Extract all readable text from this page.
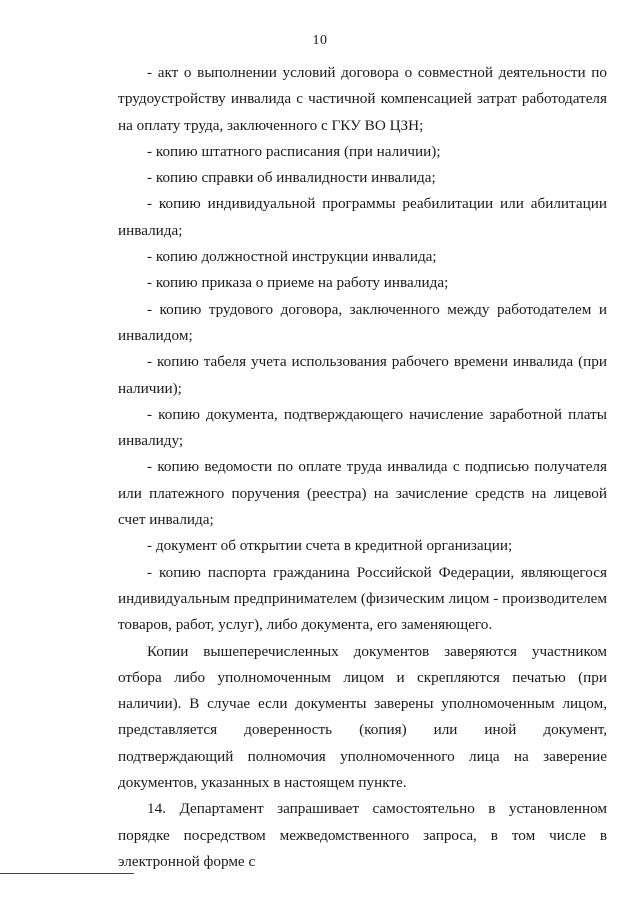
10

- акт о выполнении условий договора о совместной деятельности по трудоустройству инвалида с частичной компенсацией затрат работодателя на оплату труда, заключенного с ГКУ ВО ЦЗН;

- копию штатного расписания (при наличии);

- копию справки об инвалидности инвалида;

- копию индивидуальной программы реабилитации или абилитации инвалида;

- копию должностной инструкции инвалида;

- копию приказа о приеме на работу инвалида;

- копию трудового договора, заключенного между работодателем и инвалидом;

- копию табеля учета использования рабочего времени инвалида (при наличии);

- копию документа, подтверждающего начисление заработной платы инвалиду;

- копию ведомости по оплате труда инвалида с подписью получателя или платежного поручения (реестра) на зачисление средств на лицевой счет инвалида;

- документ об открытии счета в кредитной организации;

- копию паспорта гражданина Российской Федерации, являющегося индивидуальным предпринимателем (физическим лицом - производителем товаров, работ, услуг), либо документа, его заменяющего.

Копии вышеперечисленных документов заверяются участником отбора либо уполномоченным лицом и скрепляются печатью (при наличии). В случае если документы заверены уполномоченным лицом, представляется доверенность (копия) или иной документ, подтверждающий полномочия уполномоченного лица на заверение документов, указанных в настоящем пункте.

14. Департамент запрашивает самостоятельно в установленном порядке посредством межведомственного запроса, в том числе в электронной форме с
